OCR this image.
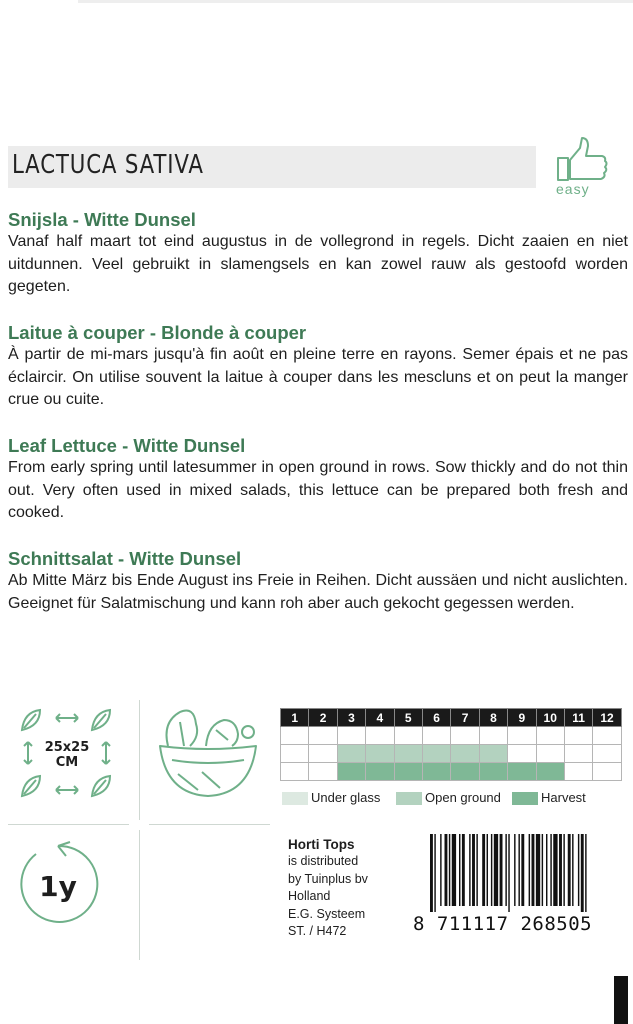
LACTUCA SATIVA
easy
Snijsla - Witte Dunsel

Vanaf half maart tot eind augustus in de vollegrond in regels. Dicht zaaien en niet uitdunnen. Veel gebruikt in slamengsels en kan zowel rauw als gestoofd worden gegeten.

Laitue à couper - Blonde à couper

À partir de mi-mars jusqu'à fin août en pleine terre en rayons. Semer épais et ne pas éclaircir. On utilise souvent la laitue à couper dans les mescluns et on peut la manger crue ou cuite.

Leaf Lettuce - Witte Dunsel

From early spring until latesummer in open ground in rows. Sow thickly and do not thin out. Very often used in mixed salads, this lettuce can be prepared both fresh and cooked.

Schnittsalat - Witte Dunsel

Ab Mitte März bis Ende August ins Freie in Reihen. Dicht aussäen und nicht auslichten. Geeignet für Salatmischung und kann roh aber auch gekocht gegessen werden.

25x25
CM
1y
1	2	3	4	5	6	7	8	9	10	11	12

Under glass	Open ground	Harvest
Horti Tops
is distributed
by Tuinplus bv
Holland
E.G. Systeem
ST. / H472	8 711117 268505
